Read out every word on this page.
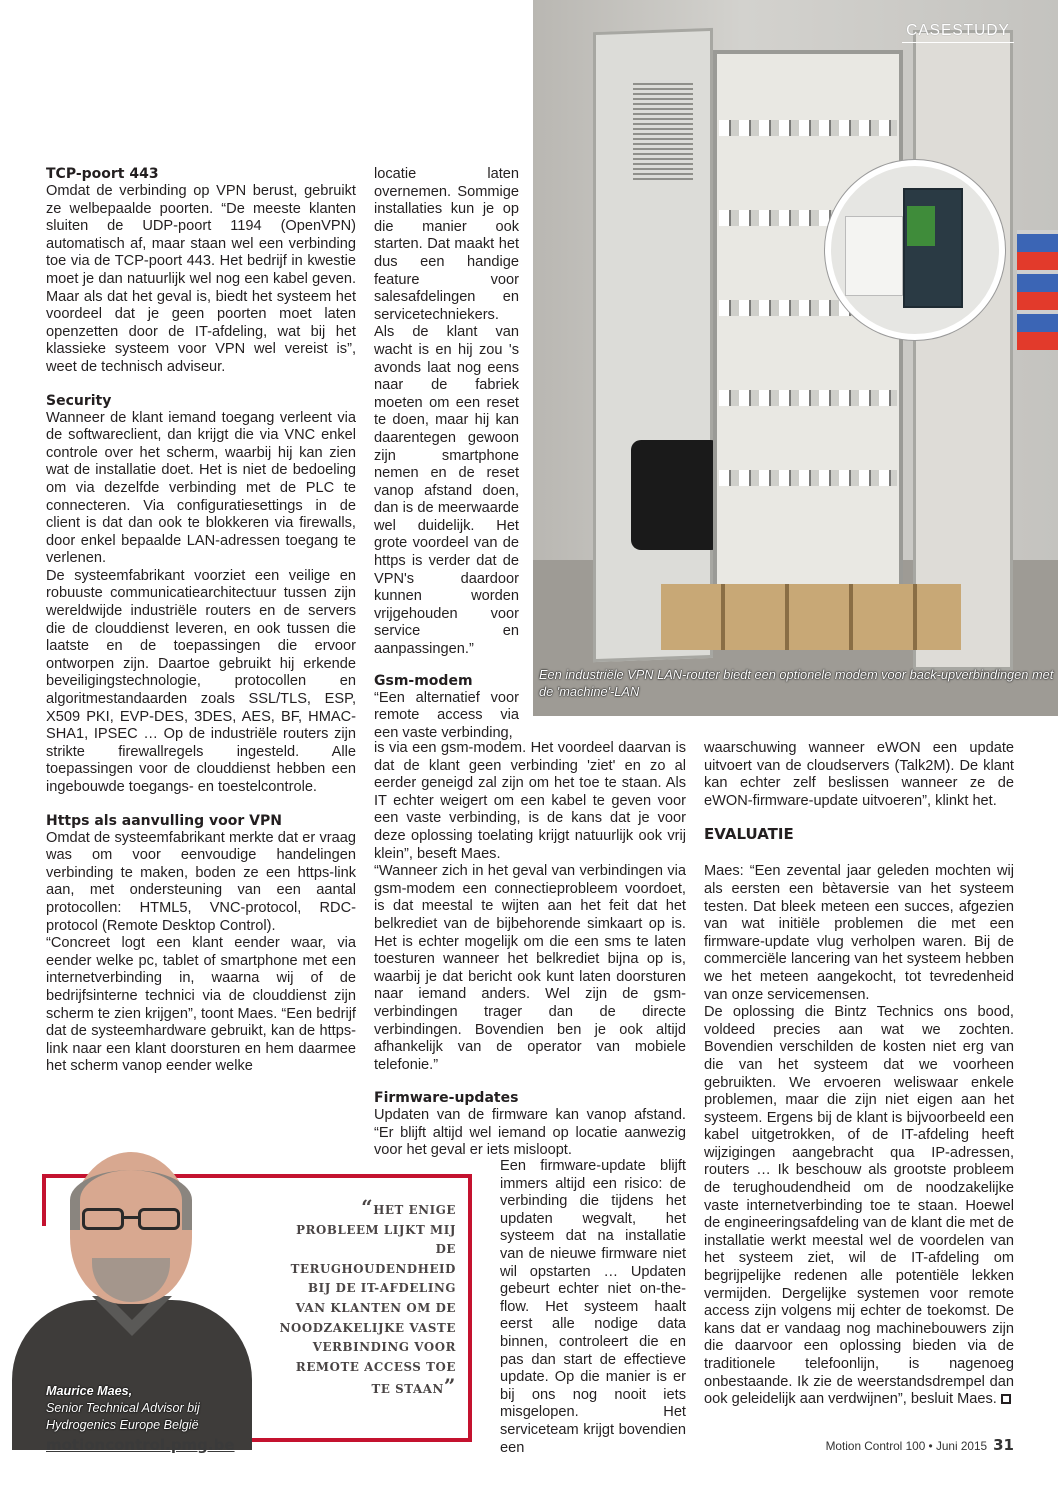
Een industriële VPN LAN-router biedt een optionele modem voor back-upverbindingen met de 'machine'-LAN
CASESTUDY
TCP-poort 443

Omdat de verbinding op VPN berust, gebruikt ze welbepaalde poorten. “De meeste klanten sluiten de UDP-poort 1194 (OpenVPN) automatisch af, maar staan wel een verbinding toe via de TCP-poort 443. Het bedrijf in kwestie moet je dan natuurlijk wel nog een kabel geven. Maar als dat het geval is, biedt het systeem het voordeel dat je geen poorten moet laten openzetten door de IT-afdeling, wat bij het klassieke systeem voor VPN wel vereist is”, weet de technisch adviseur.

Security

Wanneer de klant iemand toegang verleent via de softwareclient, dan krijgt die via VNC enkel controle over het scherm, waarbij hij kan zien wat de installatie doet. Het is niet de bedoeling om via dezelfde verbinding met de PLC te connecteren. Via configuratiesettings in de client is dat dan ook te blokkeren via firewalls, door enkel bepaalde LAN-adressen toegang te verlenen.

De systeemfabrikant voorziet een veilige en robuuste communicatiearchitectuur tussen zijn wereldwijde industriële routers en de servers die de clouddienst leveren, en ook tussen die laatste en de toepassingen die ervoor ontworpen zijn. Daartoe gebruikt hij erkende beveiligingstechnologie, protocollen en algoritmestandaarden zoals SSL/TLS, ESP, X509 PKI, EVP-DES, 3DES, AES, BF, HMAC-SHA1, IPSEC … Op de industriële routers zijn strikte firewallregels ingesteld. Alle toepassingen voor de clouddienst hebben een ingebouwde toegangs- en toestelcontrole.

Https als aanvulling voor VPN

Omdat de systeemfabrikant merkte dat er vraag was om voor eenvoudige handelingen verbinding te maken, boden ze een https-link aan, met ondersteuning van een aantal protocollen: HTML5, VNC-protocol, RDC-protocol (Remote Desktop Control).

“Concreet logt een klant eender waar, via eender welke pc, tablet of smartphone met een internetverbinding in, waarna wij of de bedrijfsinterne technici via de clouddienst zijn scherm te zien krijgen”, toont Maes. “Een bedrijf dat de systeemhardware gebruikt, kan de https-link naar een klant doorsturen en hem daarmee het scherm vanop eender welke

locatie laten overnemen. Sommige installaties kun je op die manier ook starten. Dat maakt het dus een handige feature voor salesafdelingen en servicetechniekers. Als de klant van wacht is en hij zou 's avonds laat nog eens naar de fabriek moeten om een reset te doen, maar hij kan daarentegen gewoon zijn smartphone nemen en de reset vanop afstand doen, dan is de meerwaarde wel duidelijk. Het grote voordeel van de https is verder dat de VPN's daardoor kunnen worden vrijgehouden voor service en aanpassingen.”

Gsm-modem

“Een alternatief voor remote access via een vaste verbinding,

is via een gsm-modem. Het voordeel daarvan is dat de klant geen verbinding 'ziet' en zo al eerder geneigd zal zijn om het toe te staan. Als IT echter weigert om een kabel te geven voor een vaste verbinding, is de kans dat je voor deze oplossing toelating krijgt natuurlijk ook vrij klein”, beseft Maes.

“Wanneer zich in het geval van verbindingen via gsm-modem een connectieprobleem voordoet, is dat meestal te wijten aan het feit dat het belkrediet van de bijbehorende simkaart op is. Het is echter mogelijk om die een sms te laten toesturen wanneer het belkrediet bijna op is, waarbij je dat bericht ook kunt laten doorsturen naar iemand anders. Wel zijn de gsm-verbindingen trager dan de directe verbindingen. Bovendien ben je ook altijd afhankelijk van de operator van mobiele telefonie.”

Firmware-updates

Updaten van de firmware kan vanop afstand. “Er blijft altijd wel iemand op locatie aanwezig voor het geval er iets misloopt.

Een firmware-update blijft immers altijd een risico: de verbinding die tijdens het updaten wegvalt, het systeem dat na installatie van de nieuwe firmware niet wil opstarten … Updaten gebeurt echter niet on-the-flow. Het systeem haalt eerst alle nodige data binnen, controleert die en pas dan start de effectieve update. Op die manier is er bij ons nog nooit iets misgelopen. Het serviceteam krijgt bovendien een

waarschuwing wanneer eWON een update uitvoert van de cloudservers (Talk2M). De klant kan echter zelf beslissen wanneer ze de eWON-firmware-update uitvoeren”, klinkt het.

EVALUATIE

Maes: “Een zevental jaar geleden mochten wij als eersten een bètaversie van het systeem testen. Dat bleek meteen een succes, afgezien van wat initiële problemen die met een firmware-update vlug verholpen waren. Bij de commerciële lancering van het systeem hebben we het meteen aangekocht, tot tevredenheid van onze servicemensen.

De oplossing die Bintz Technics ons bood, voldeed precies aan wat we zochten. Bovendien verschilden de kosten niet erg van die van het systeem dat we voorheen gebruikten. We ervoeren weliswaar enkele problemen, maar die zijn niet eigen aan het systeem. Ergens bij de klant is bijvoorbeeld een kabel uitgetrokken, of de IT-afdeling heeft wijzigingen aangebracht qua IP-adressen, routers … Ik beschouw als grootste probleem de terughoudendheid om de noodzakelijke vaste internetverbinding toe te staan. Hoewel de engineeringsafdeling van de klant die met de installatie werkt meestal wel de voordelen van het systeem ziet, wil de IT-afdeling om begrijpelijke redenen alle potentiële lekken vermijden. Dergelijke systemen voor remote access zijn volgens mij echter de toekomst. De kans dat er vandaag nog machinebouwers zijn die daarvoor een oplossing bieden via de traditionele telefoonlijn, is nagenoeg onbestaande. Ik zie de weerstandsdrempel dan ook geleidelijk aan verdwijnen”, besluit Maes.

“HET ENIGE PROBLEEM LIJKT MIJ DE TERUGHOUDENDHEID BIJ DE IT-AFDELING VAN KLANTEN OM DE NOODZAKELIJKE VASTE VERBINDING VOOR REMOTE ACCESS TOE TE STAAN”
Maurice Maes,
Senior Technical Advisor bij
Hydrogenics Europe België
motioncontrol.pmg.be	Motion Control 100 • Juni 2015 31
